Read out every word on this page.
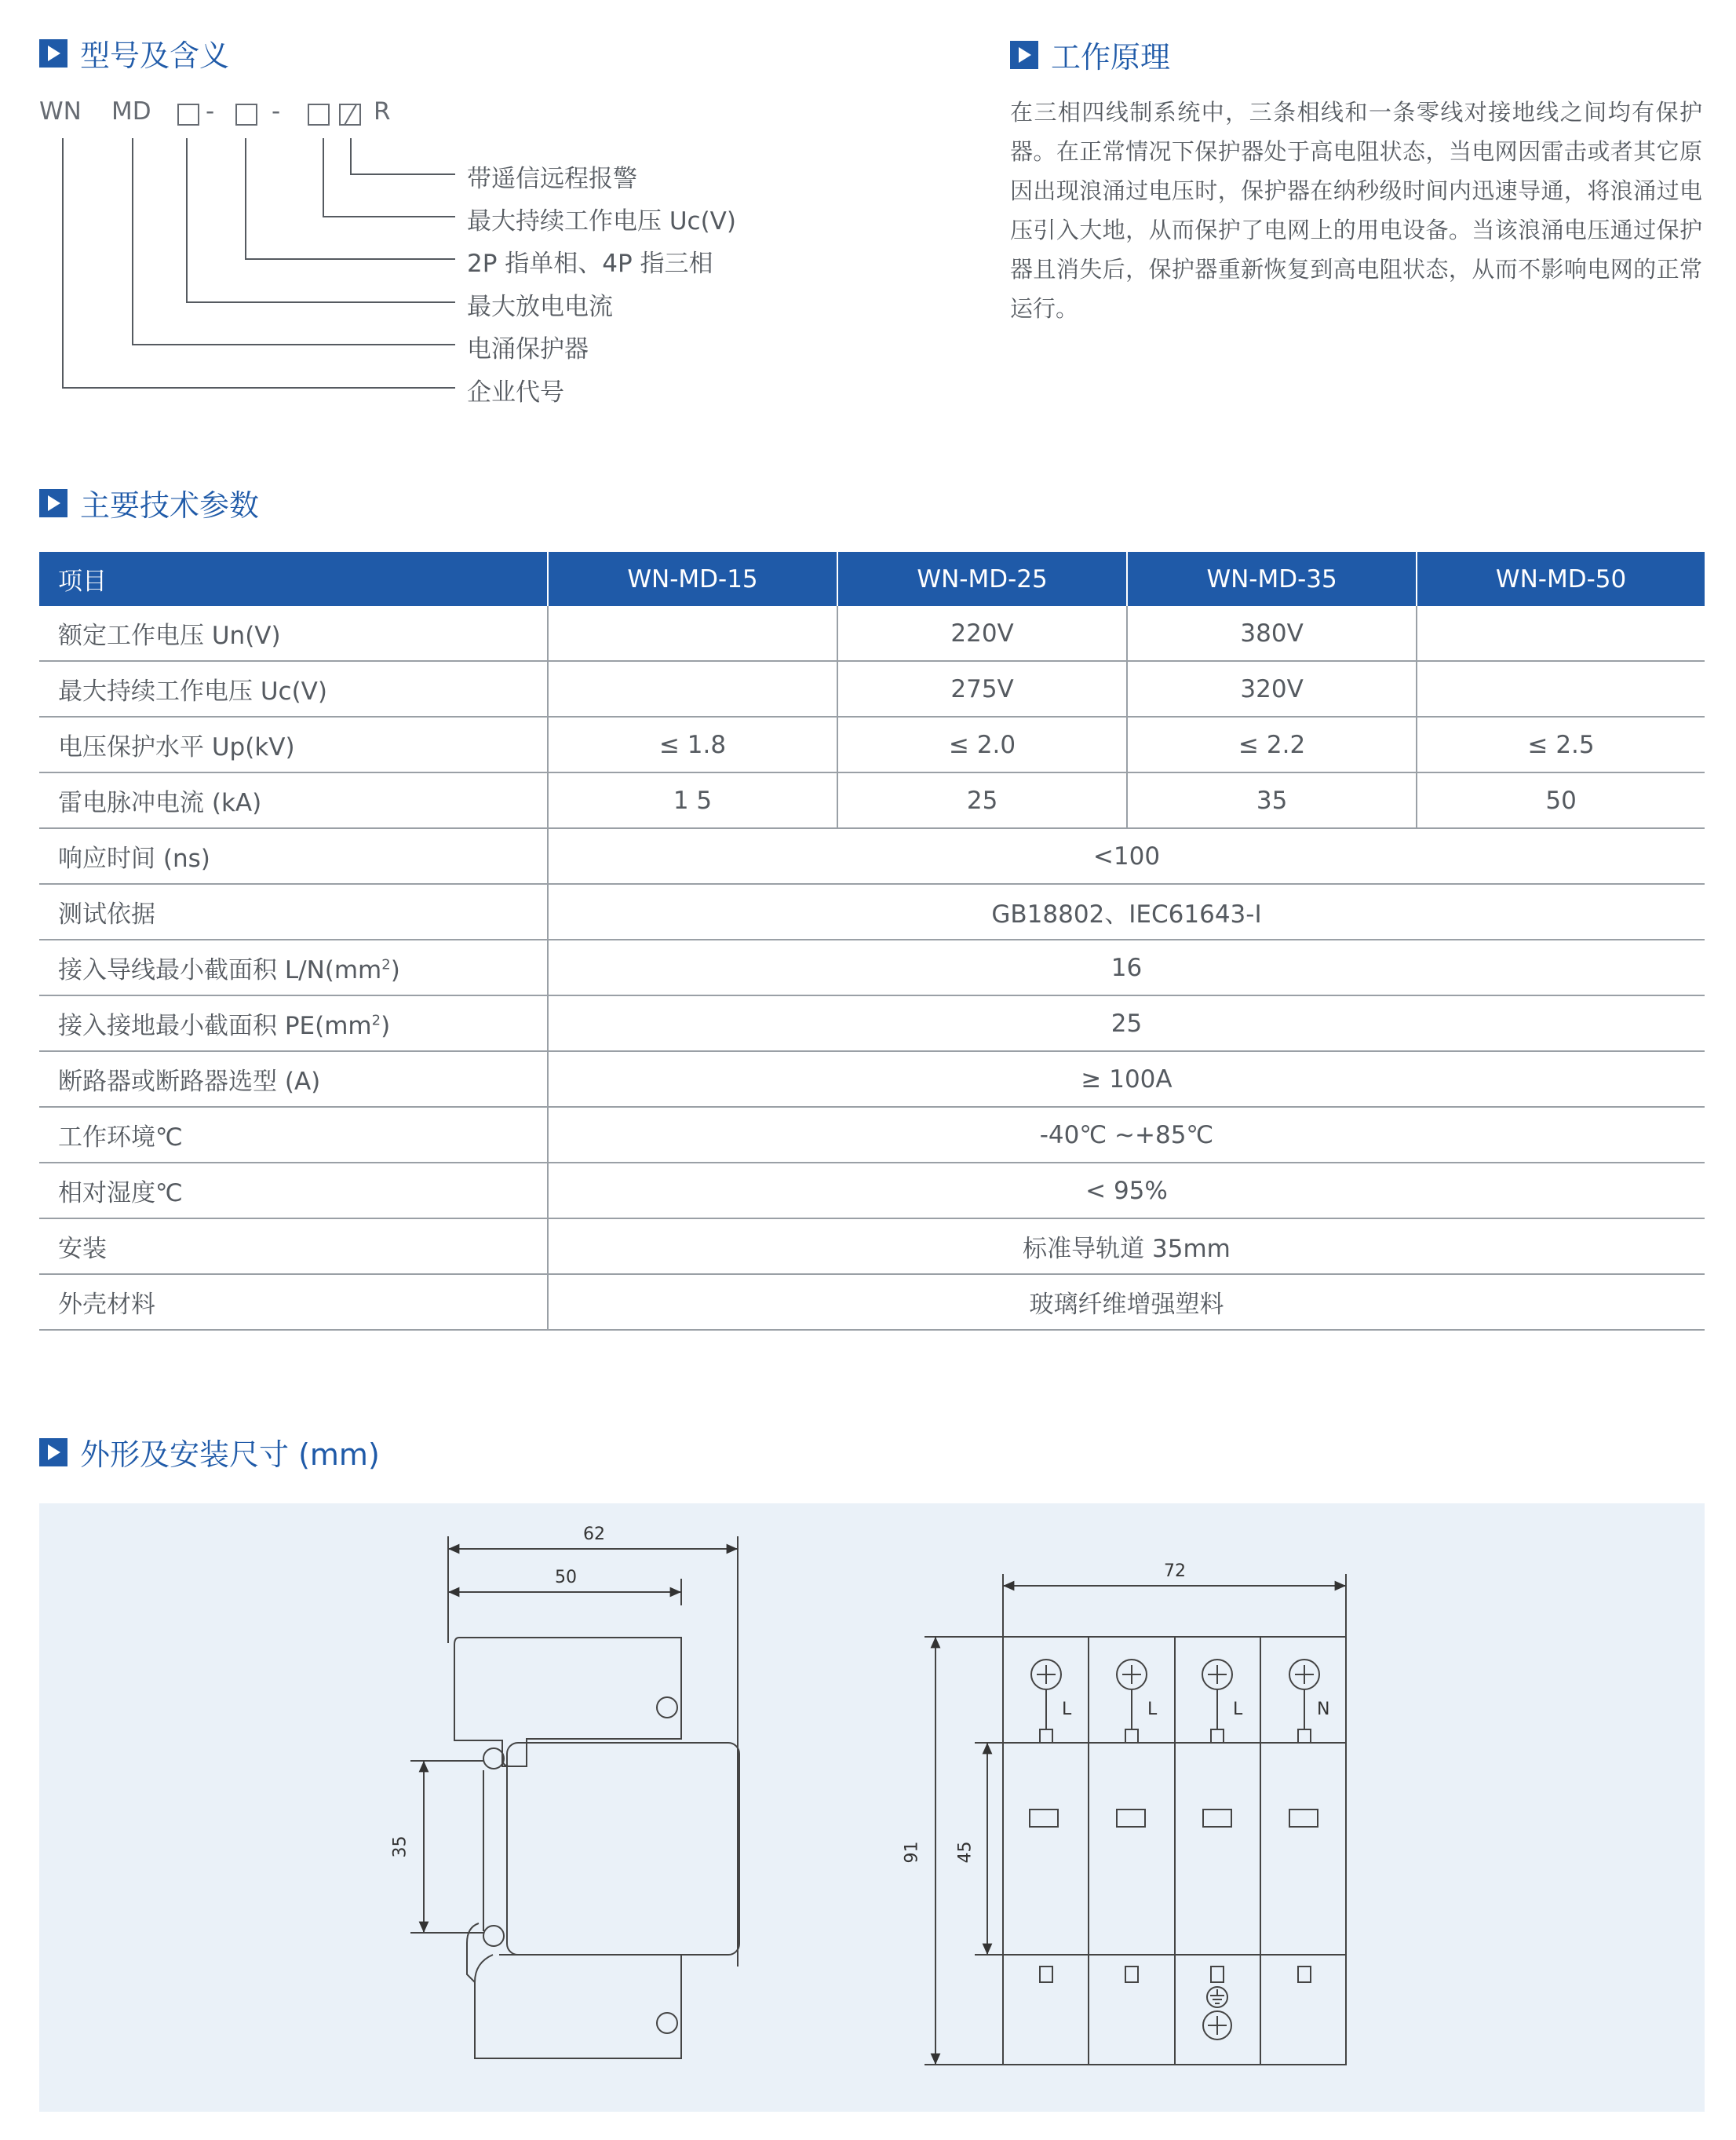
型号及含义
WN MD - -	R
带遥信远程报警
最大持续工作电压 Uc(V)
2P 指单相、4P 指三相
最大放电电流
电涌保护器
企业代号
工作原理
在三相四线制系统中，三条相线和一条零线对接地线之间均有保护器。在正常情况下保护器处于高电阻状态，当电网因雷击或者其它原因出现浪涌过电压时，保护器在纳秒级时间内迅速导通，将浪涌过电压引入大地，从而保护了电网上的用电设备。当该浪涌电压通过保护器且消失后，保护器重新恢复到高电阻状态，从而不影响电网的正常运行。
主要技术参数
项目	WN-MD-15	WN-MD-25	WN-MD-35	WN-MD-50
额定工作电压 Un(V)		220V	380V	
最大持续工作电压 Uc(V)		275V	320V	
电压保护水平 Up(kV)	≤ 1.8	≤ 2.0	≤ 2.2	≤ 2.5
雷电脉冲电流 (kA)	1 5	25	35	50
响应时间 (ns)	<100			
测试依据	GB18802、IEC61643-I			
接入导线最小截面积 $L/N(mm^2)$	16			
接入接地最小截面积 $PE(mm^2)$	25			
断路器或断路器选型 (A)	≥ 100A			
工作环境℃	-40℃ ~+85℃			
相对湿度℃	< 95%			
安装	标准导轨道 35mm			
外壳材料	玻璃纤维增强塑料			
外形及安装尺寸 (mm)
62
50
35
72
91 45
L	L	L	N
